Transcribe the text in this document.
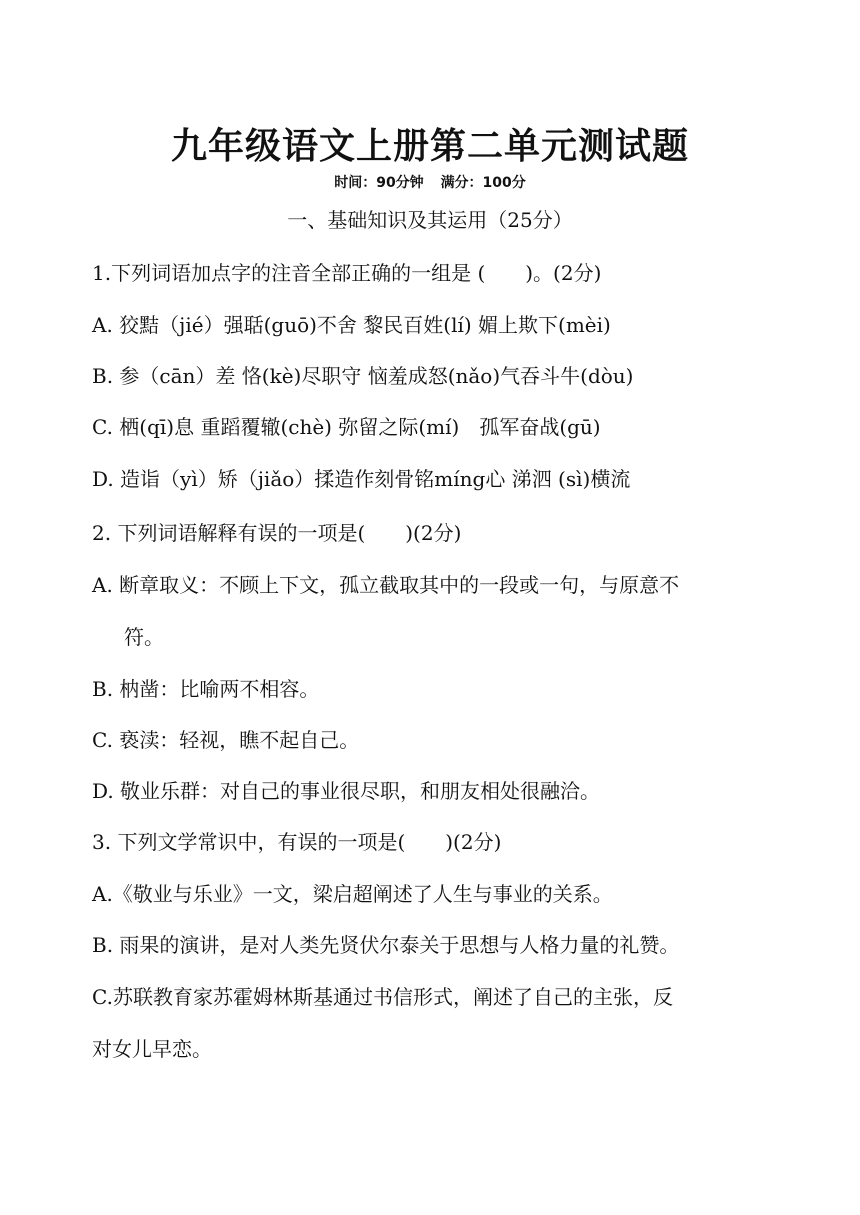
九年级语文上册第二单元测试题
时间：90分钟 满分：100分
一、基础知识及其运用（25分）
1.下列词语加点字的注音全部正确的一组是 (　　)。(2分)
A. 狡黠（jié）强聒(guō)不舍 黎民百姓(lí) 媚上欺下(mèi)
B. 参（cān）差 恪(kè)尽职守 恼羞成怒(nǎo)气吞斗牛(dòu)
C. 栖(qī)息 重蹈覆辙(chè) 弥留之际(mí)　孤军奋战(gū)
D. 造诣（yì）矫（jiǎo）揉造作刻骨铭míng心 涕泗 (sì)横流
2. 下列词语解释有误的一项是(　　)(2分)
A. 断章取义：不顾上下文，孤立截取其中的一段或一句，与原意不
符。
B. 枘凿：比喻两不相容。
C. 亵渎：轻视，瞧不起自己。
D. 敬业乐群：对自己的事业很尽职，和朋友相处很融洽。
3. 下列文学常识中，有误的一项是(　　)(2分)
A.《敬业与乐业》一文，梁启超阐述了人生与事业的关系。
B. 雨果的演讲，是对人类先贤伏尔泰关于思想与人格力量的礼赞。
C.苏联教育家苏霍姆林斯基通过书信形式，阐述了自己的主张，反
对女儿早恋。
